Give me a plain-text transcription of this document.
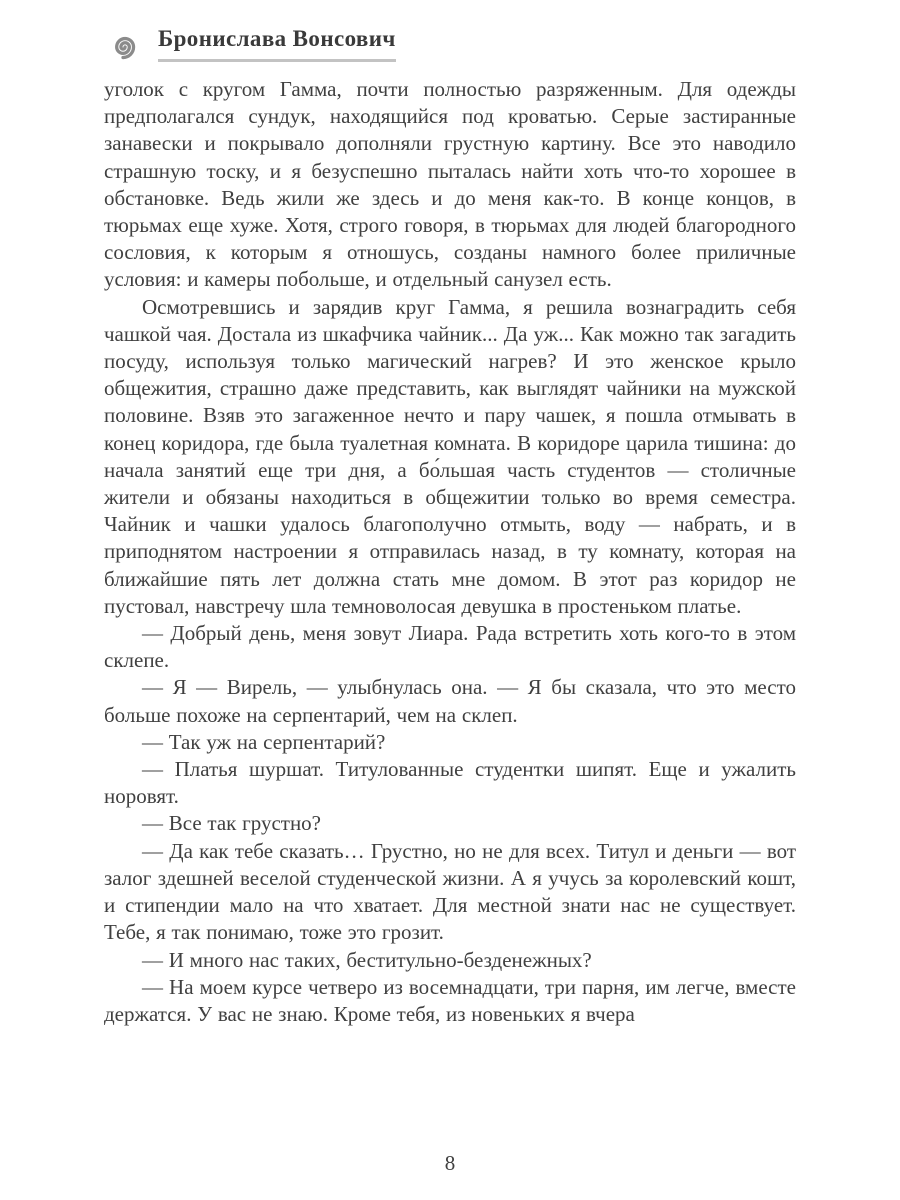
Бронислава Вонсович

уголок с кругом Гамма, почти полностью разряженным. Для одежды предполагался сундук, находящийся под кроватью. Серые застиранные занавески и покрывало дополняли грустную картину. Все это наводило страшную тоску, и я безуспешно пыталась найти хоть что-то хорошее в обстановке. Ведь жили же здесь и до меня как-то. В конце концов, в тюрьмах еще хуже. Хотя, строго говоря, в тюрьмах для людей благородного сословия, к которым я отношусь, созданы намного более приличные условия: и камеры побольше, и отдельный санузел есть.

Осмотревшись и зарядив круг Гамма, я решила вознаградить себя чашкой чая. Достала из шкафчика чайник... Да уж... Как можно так загадить посуду, используя только магический нагрев? И это женское крыло общежития, страшно даже представить, как выглядят чайники на мужской половине. Взяв это загаженное нечто и пару чашек, я пошла отмывать в конец коридора, где была туалетная комната. В коридоре царила тишина: до начала занятий еще три дня, а бо́льшая часть студентов — столичные жители и обязаны находиться в общежитии только во время семестра. Чайник и чашки удалось благополучно отмыть, воду — набрать, и в приподнятом настроении я отправилась назад, в ту комнату, которая на ближайшие пять лет должна стать мне домом. В этот раз коридор не пустовал, навстречу шла темноволосая девушка в простеньком платье.

— Добрый день, меня зовут Лиара. Рада встретить хоть кого-то в этом склепе.

— Я — Вирель, — улыбнулась она. — Я бы сказала, что это место больше похоже на серпентарий, чем на склеп.

— Так уж на серпентарий?

— Платья шуршат. Титулованные студентки шипят. Еще и ужалить норовят.

— Все так грустно?

— Да как тебе сказать… Грустно, но не для всех. Титул и деньги — вот залог здешней веселой студенческой жизни. А я учусь за королевский кошт, и стипендии мало на что хватает. Для местной знати нас не существует. Тебе, я так понимаю, тоже это грозит.

— И много нас таких, беститульно-безденежных?

— На моем курсе четверо из восемнадцати, три парня, им легче, вместе держатся. У вас не знаю. Кроме тебя, из новеньких я вчера

8
